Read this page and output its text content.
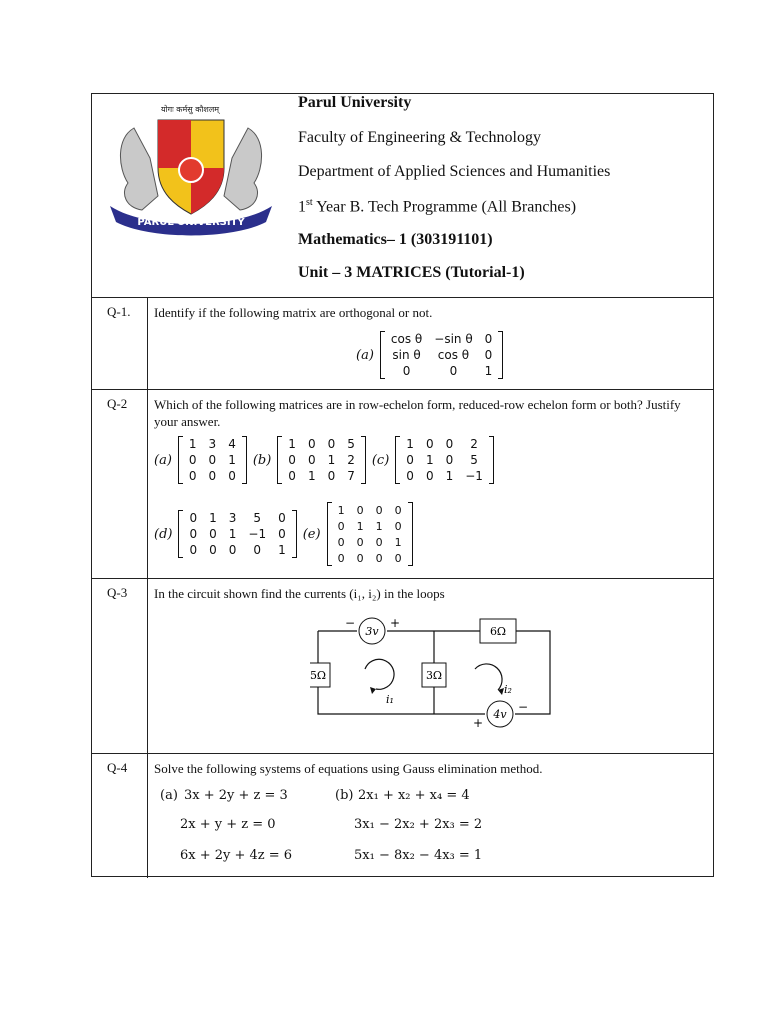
योगः कर्मसु कौशलम्
PARUL UNIVERSITY
Parul University
Faculty of Engineering & Technology
Department of Applied Sciences and Humanities
1st Year B. Tech Programme (All Branches)
Mathematics– 1 (303191101)
Unit – 3 MATRICES (Tutorial-1)
Q-1.	Identify if the following matrix are orthogonal or not.
(a)
cos θ	−sin θ	0
sin θ	cos θ	0
0	0	1
Q-2	Which of the following matrices are in row-echelon form, reduced-row echelon form or both? Justify your answer.
(a)
1	3	4
0	0	1
0	0	0
(b)
1	0	0	5
0	0	1	2
0	1	0	7
(c)
1	0	0	2
0	1	0	5
0	0	1	−1
(d)
0	1	3	5	0
0	0	1	−1	0
0	0	0	0	1
(e)
1	0	0	0
0	1	1	0
0	0	0	1
0	0	0	0
Q-3	In the circuit shown find the currents (i₁, i₂) in the loops
5Ω	3Ω
6Ω
3v
−	+
4v
+
−
i₁
i₂
Q-4	Solve the following systems of equations using Gauss elimination method.
(a) 3x + 2y + z = 3
2x + y + z = 0
6x + 2y + 4z = 6
(b) 2x₁ + x₂ + x₄ = 4
3x₁ − 2x₂ + 2x₃ = 2
5x₁ − 8x₂ − 4x₃ = 1
